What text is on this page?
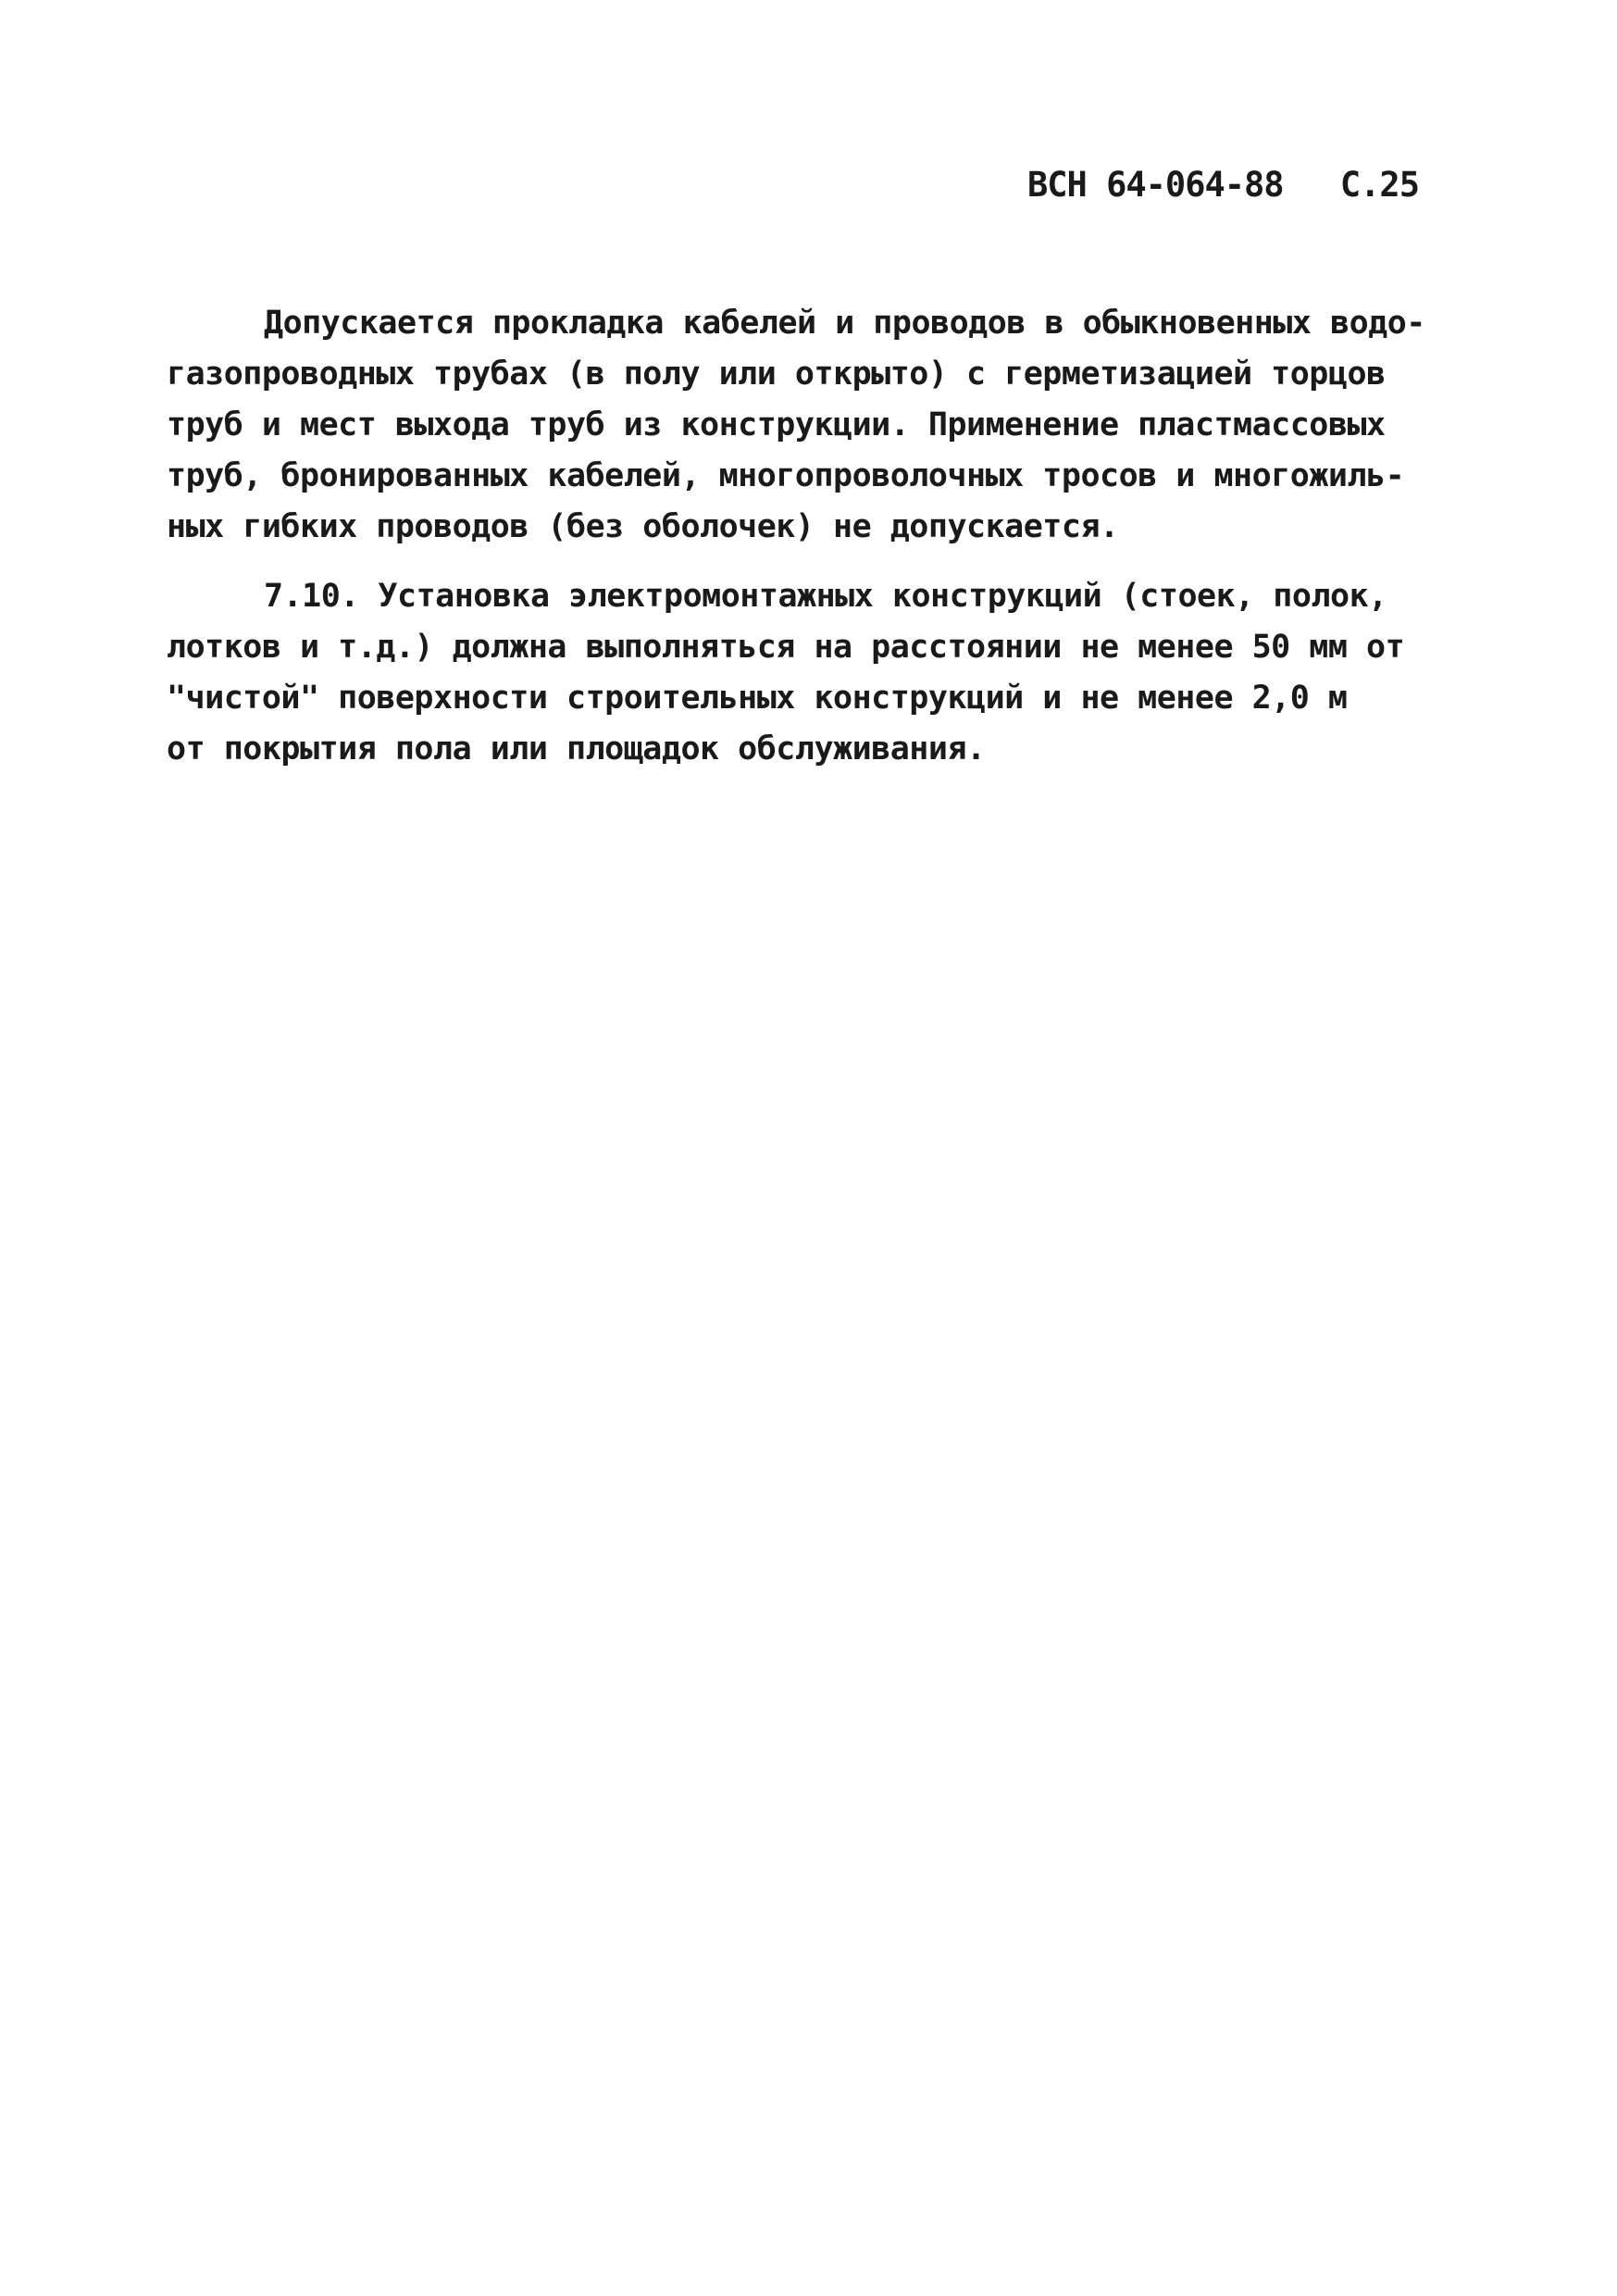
ВСН 64-064-88 С.25
Допускается прокладка кабелей и проводов в обыкновенных водо-
газопроводных трубах (в полу или открыто) с герметизацией торцов
труб и мест выхода труб из конструкции. Применение пластмассовых
труб, бронированных кабелей, многопроволочных тросов и многожиль-
ных гибких проводов (без оболочек) не допускается.
7.10. Установка электромонтажных конструкций (стоек, полок,
лотков и т.д.) должна выполняться на расстоянии не менее 50 мм от
"чистой" поверхности строительных конструкций и не менее 2,0 м
от покрытия пола или площадок обслуживания.
